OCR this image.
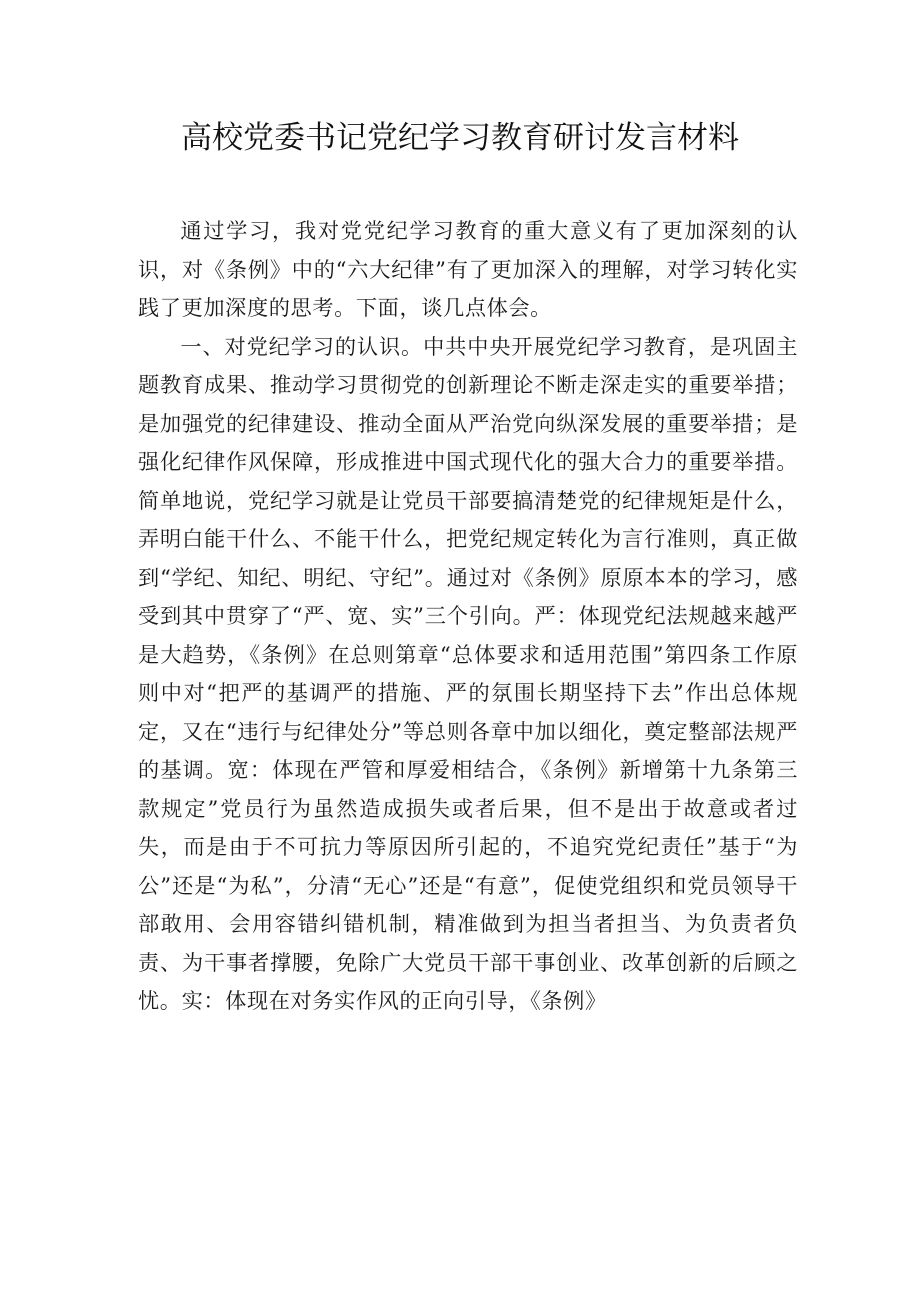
高校党委书记党纪学习教育研讨发言材料

通过学习，我对党党纪学习教育的重大意义有了更加深刻的认识，对《条例》中的“六大纪律”有了更加深入的理解，对学习转化实践了更加深度的思考。下面，谈几点体会。

一、对党纪学习的认识。中共中央开展党纪学习教育，是巩固主题教育成果、推动学习贯彻党的创新理论不断走深走实的重要举措；是加强党的纪律建设、推动全面从严治党向纵深发展的重要举措；是强化纪律作风保障，形成推进中国式现代化的强大合力的重要举措。简单地说，党纪学习就是让党员干部要搞清楚党的纪律规矩是什么，弄明白能干什么、不能干什么，把党纪规定转化为言行准则，真正做到“学纪、知纪、明纪、守纪”。通过对《条例》原原本本的学习，感受到其中贯穿了“严、宽、实”三个引向。严：体现党纪法规越来越严是大趋势，《条例》在总则第章“总体要求和适用范围”第四条工作原则中对“把严的基调严的措施、严的氛围长期坚持下去”作出总体规定，又在“违行与纪律处分”等总则各章中加以细化，奠定整部法规严的基调。宽：体现在严管和厚爱相结合，《条例》新增第十九条第三款规定”党员行为虽然造成损失或者后果，但不是出于故意或者过失，而是由于不可抗力等原因所引起的，不追究党纪责任”基于“为公”还是“为私”，分清“无心”还是“有意”，促使党组织和党员领导干部敢用、会用容错纠错机制，精准做到为担当者担当、为负责者负责、为干事者撑腰，免除广大党员干部干事创业、改革创新的后顾之忧。实：体现在对务实作风的正向引导，《条例》
